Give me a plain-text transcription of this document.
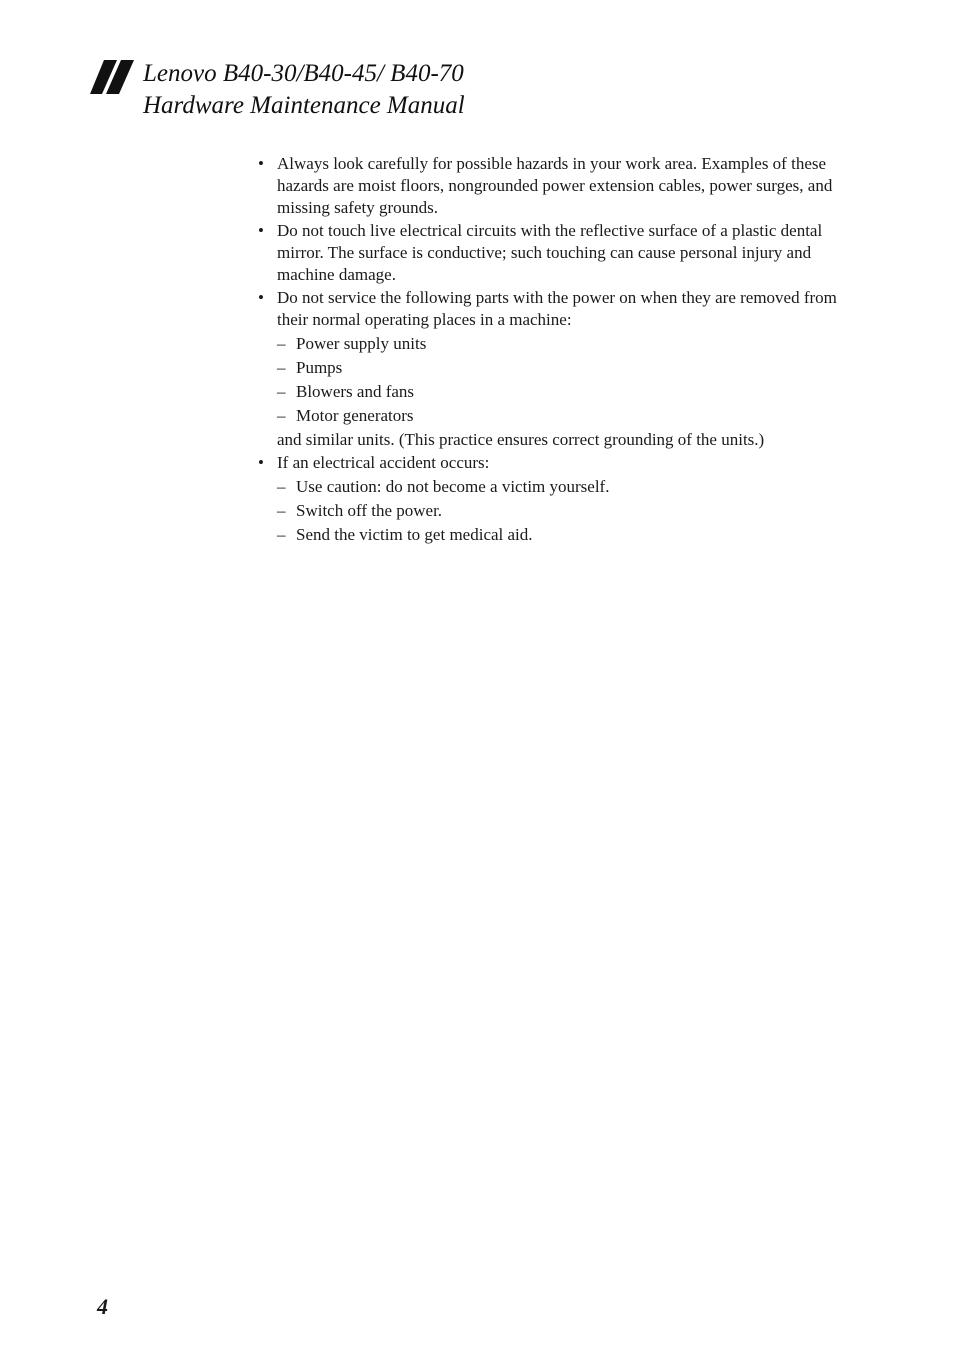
Lenovo B40-30/B40-45/ B40-70
Hardware Maintenance Manual
• Always look carefully for possible hazards in your work area. Examples of these hazards are moist floors, nongrounded power extension cables, power surges, and missing safety grounds.
• Do not touch live electrical circuits with the reflective surface of a plastic dental mirror. The surface is conductive; such touching can cause personal injury and machine damage.
• Do not service the following parts with the power on when they are removed from their normal operating places in a machine:
– Power supply units
– Pumps
– Blowers and fans
– Motor generators
and similar units. (This practice ensures correct grounding of the units.)
• If an electrical accident occurs:
– Use caution: do not become a victim yourself.
– Switch off the power.
– Send the victim to get medical aid.
4
